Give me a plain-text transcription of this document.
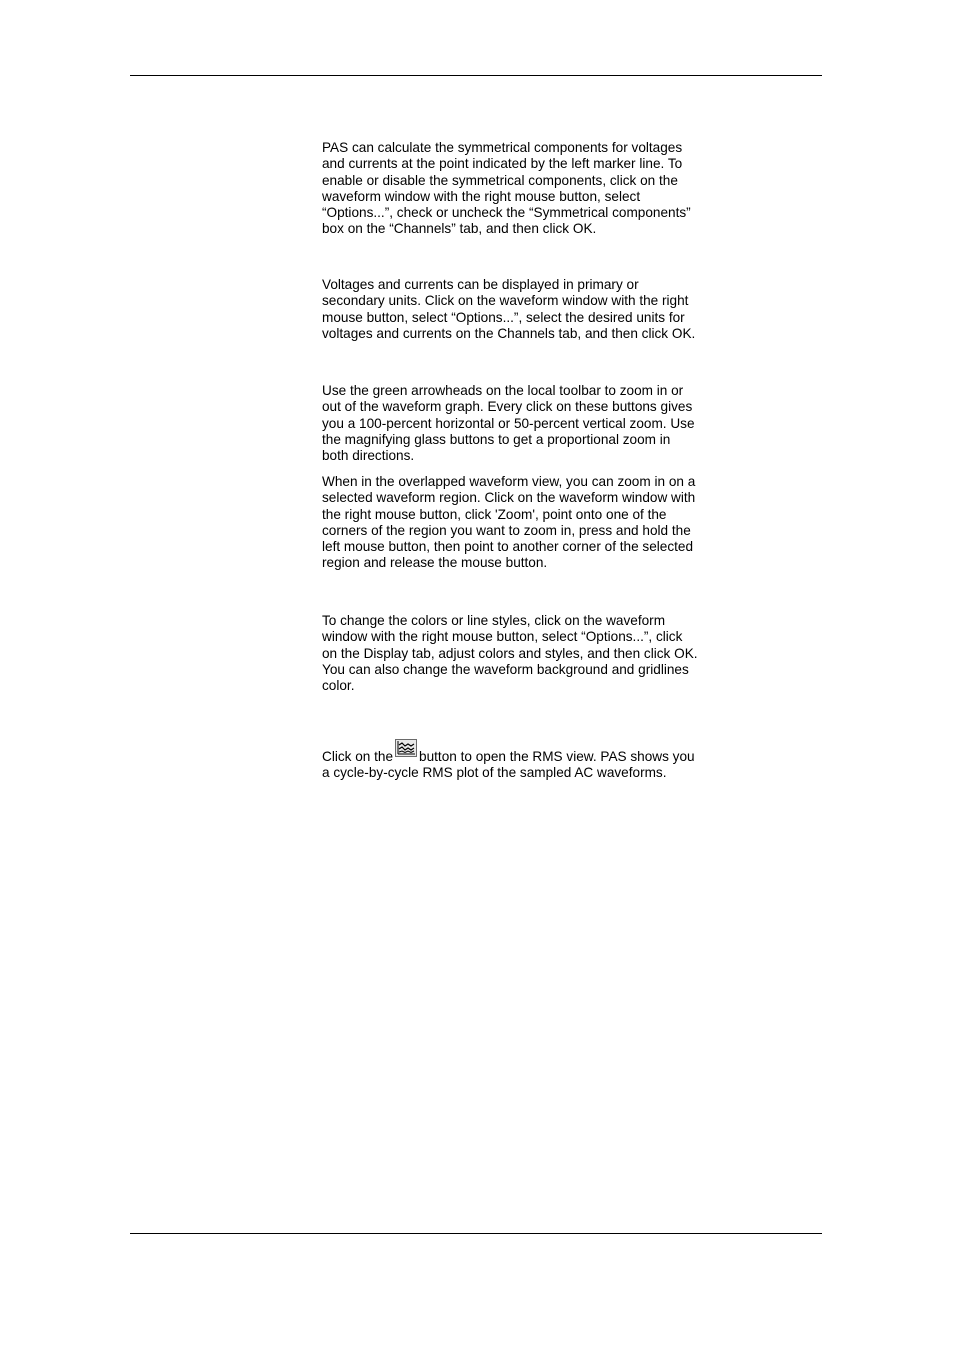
PAS can calculate the symmetrical components for voltages
and currents at the point indicated by the left marker line. To
enable or disable the symmetrical components, click on the
waveform window with the right mouse button, select
“Options...”, check or uncheck the “Symmetrical components”
box on the “Channels” tab, and then click OK.

Voltages and currents can be displayed in primary or
secondary units. Click on the waveform window with the right
mouse button, select “Options...”, select the desired units for
voltages and currents on the Channels tab, and then click OK.

Use the green arrowheads on the local toolbar to zoom in or
out of the waveform graph. Every click on these buttons gives
you a 100-percent horizontal or 50-percent vertical zoom. Use
the magnifying glass buttons to get a proportional zoom in
both directions.

When in the overlapped waveform view, you can zoom in on a
selected waveform region. Click on the waveform window with
the right mouse button, click 'Zoom', point onto one of the
corners of the region you want to zoom in, press and hold the
left mouse button, then point to another corner of the selected
region and release the mouse button.

To change the colors or line styles, click on the waveform
window with the right mouse button, select “Options...”, click
on the Display tab, adjust colors and styles, and then click OK.
You can also change the waveform background and gridlines
color.

Click on the button to open the RMS view. PAS shows you
a cycle-by-cycle RMS plot of the sampled AC waveforms.
